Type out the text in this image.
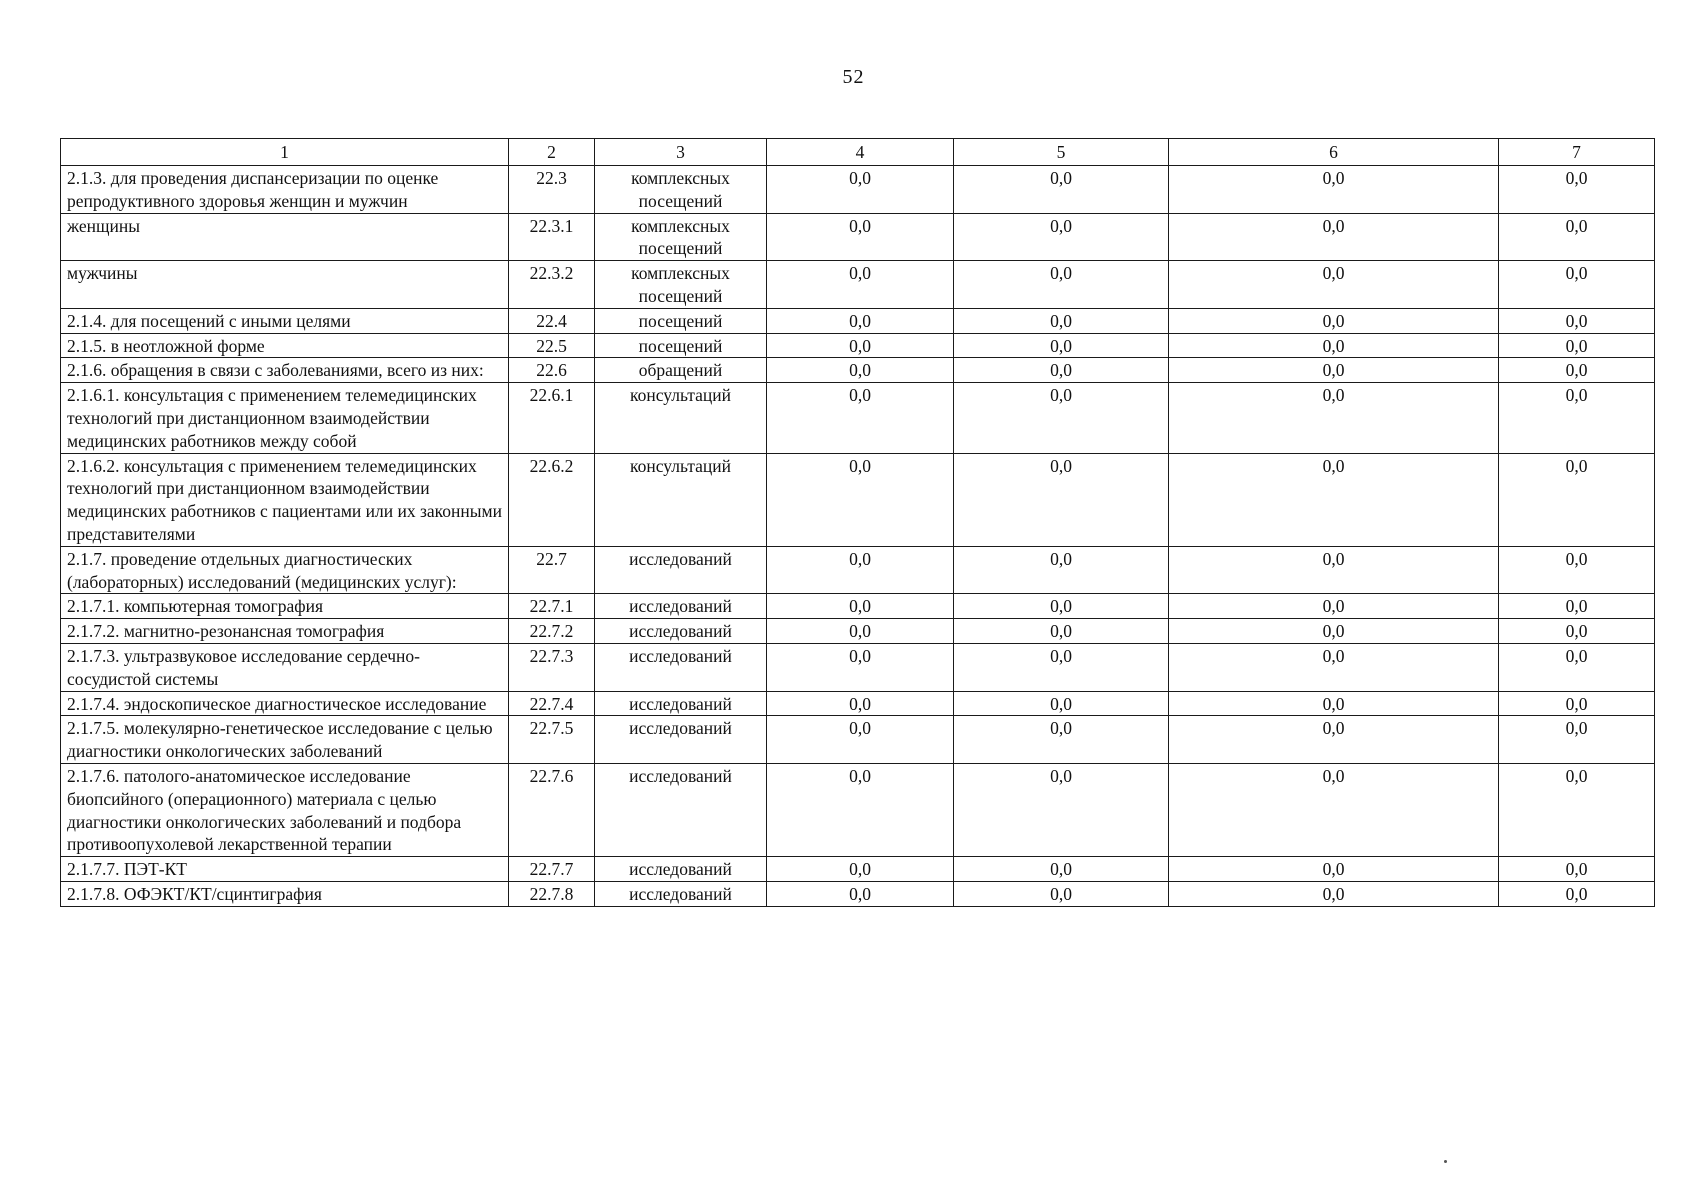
52
1	2	3	4	5	6	7
2.1.3. для проведения диспансеризации по оценке репродуктивного здоровья женщин и мужчин	22.3	комплексных посещений	0,0	0,0	0,0	0,0
женщины	22.3.1	комплексных посещений	0,0	0,0	0,0	0,0
мужчины	22.3.2	комплексных посещений	0,0	0,0	0,0	0,0
2.1.4. для посещений с иными целями	22.4	посещений	0,0	0,0	0,0	0,0
2.1.5. в неотложной форме	22.5	посещений	0,0	0,0	0,0	0,0
2.1.6. обращения в связи с заболеваниями, всего из них:	22.6	обращений	0,0	0,0	0,0	0,0
2.1.6.1. консультация с применением телемедицинских технологий при дистанционном взаимодействии медицинских работников между собой	22.6.1	консультаций	0,0	0,0	0,0	0,0
2.1.6.2. консультация с применением телемедицинских технологий при дистанционном взаимодействии медицинских работников с пациентами или их законными представителями	22.6.2	консультаций	0,0	0,0	0,0	0,0
2.1.7. проведение отдельных диагностических (лабораторных) исследований (медицинских услуг):	22.7	исследований	0,0	0,0	0,0	0,0
2.1.7.1. компьютерная томография	22.7.1	исследований	0,0	0,0	0,0	0,0
2.1.7.2. магнитно-резонансная томография	22.7.2	исследований	0,0	0,0	0,0	0,0
2.1.7.3. ультразвуковое исследование сердечно-сосудистой системы	22.7.3	исследований	0,0	0,0	0,0	0,0
2.1.7.4. эндоскопическое диагностическое исследование	22.7.4	исследований	0,0	0,0	0,0	0,0
2.1.7.5. молекулярно-генетическое исследование с целью диагностики онкологических заболеваний	22.7.5	исследований	0,0	0,0	0,0	0,0
2.1.7.6. патолого-анатомическое исследование биопсийного (операционного) материала с целью диагностики онкологических заболеваний и подбора противоопухолевой лекарственной терапии	22.7.6	исследований	0,0	0,0	0,0	0,0
2.1.7.7. ПЭТ-КТ	22.7.7	исследований	0,0	0,0	0,0	0,0
2.1.7.8. ОФЭКТ/КТ/сцинтиграфия	22.7.8	исследований	0,0	0,0	0,0	0,0
